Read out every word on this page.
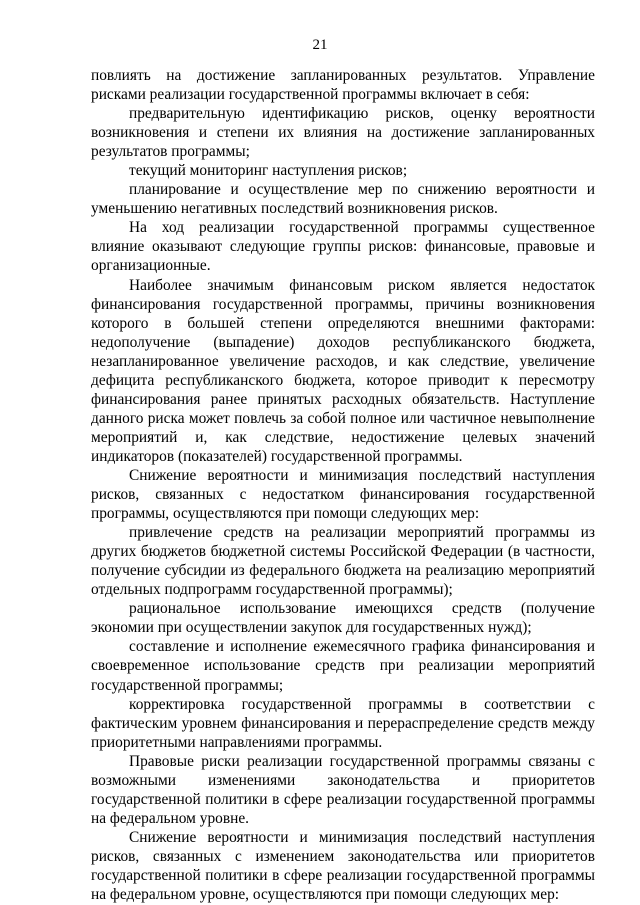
21

повлиять на достижение запланированных результатов. Управление рисками реализации государственной программы включает в себя:

предварительную идентификацию рисков, оценку вероятности возникновения и степени их влияния на достижение запланированных результатов программы;

текущий мониторинг наступления рисков;

планирование и осуществление мер по снижению вероятности и уменьшению негативных последствий возникновения рисков.

На ход реализации государственной программы существенное влияние оказывают следующие группы рисков: финансовые, правовые и организационные.

Наиболее значимым финансовым риском является недостаток финансирования государственной программы, причины возникновения которого в большей степени определяются внешними факторами: недополучение (выпадение) доходов республиканского бюджета, незапланированное увеличение расходов, и как следствие, увеличение дефицита республиканского бюджета, которое приводит к пересмотру финансирования ранее принятых расходных обязательств. Наступление данного риска может повлечь за собой полное или частичное невыполнение мероприятий и, как следствие, недостижение целевых значений индикаторов (показателей) государственной программы.

Снижение вероятности и минимизация последствий наступления рисков, связанных с недостатком финансирования государственной программы, осуществляются при помощи следующих мер:

привлечение средств на реализации мероприятий программы из других бюджетов бюджетной системы Российской Федерации (в частности, получение субсидии из федерального бюджета на реализацию мероприятий отдельных подпрограмм государственной программы);

рациональное использование имеющихся средств (получение экономии при осуществлении закупок для государственных нужд);

составление и исполнение ежемесячного графика финансирования и своевременное использование средств при реализации мероприятий государственной программы;

корректировка государственной программы в соответствии с фактическим уровнем финансирования и перераспределение средств между приоритетными направлениями программы.

Правовые риски реализации государственной программы связаны с возможными изменениями законодательства и приоритетов государственной политики в сфере реализации государственной программы на федеральном уровне.

Снижение вероятности и минимизация последствий наступления рисков, связанных с изменением законодательства или приоритетов государственной политики в сфере реализации государственной программы на федеральном уровне, осуществляются при помощи следующих мер:
